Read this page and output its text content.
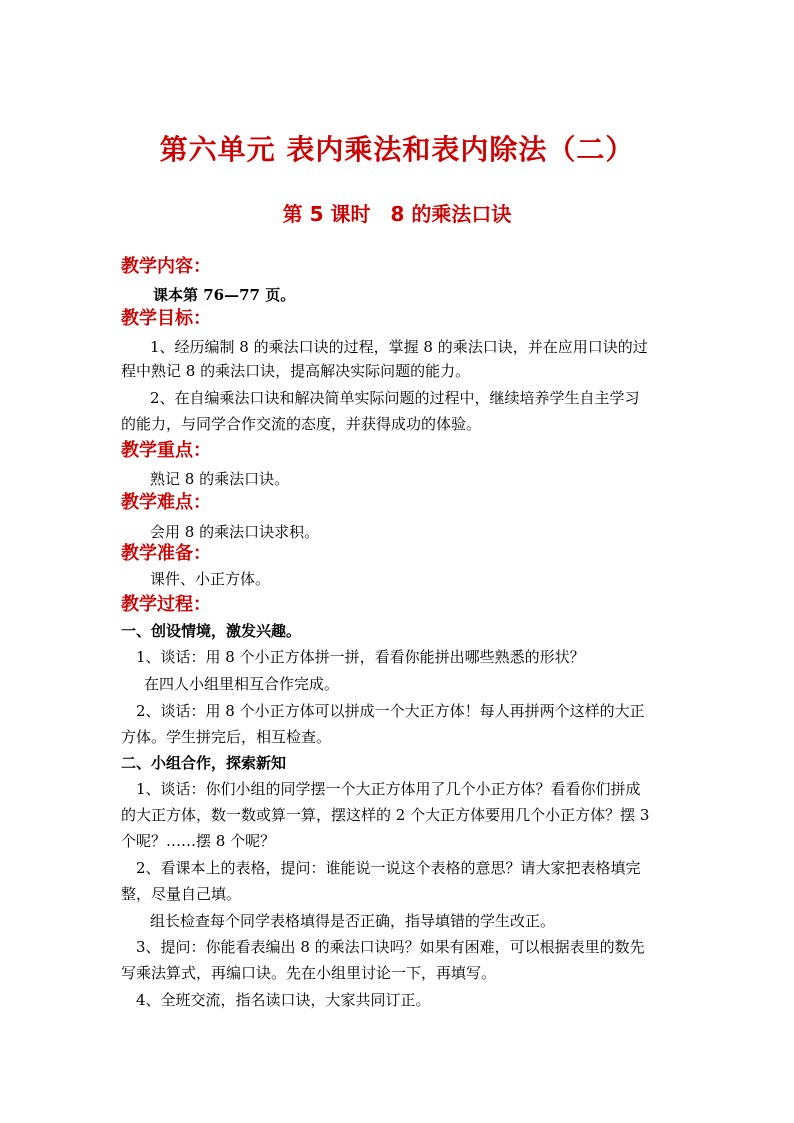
第六单元 表内乘法和表内除法（二）
第 5 课时　8 的乘法口诀
教学内容：
课本第 76—77 页。
教学目标：
1、经历编制 8 的乘法口诀的过程，掌握 8 的乘法口诀，并在应用口诀的过
程中熟记 8 的乘法口诀，提高解决实际问题的能力。
2、在自编乘法口诀和解决简单实际问题的过程中，继续培养学生自主学习
的能力，与同学合作交流的态度，并获得成功的体验。
教学重点：
熟记 8 的乘法口诀。
教学难点：
会用 8 的乘法口诀求积。
教学准备：
课件、小正方体。
教学过程：
一、创设情境，激发兴趣。
1、谈话：用 8 个小正方体拼一拼，看看你能拼出哪些熟悉的形状？
在四人小组里相互合作完成。
2、谈话：用 8 个小正方体可以拼成一个大正方体！每人再拼两个这样的大正
方体。学生拼完后，相互检查。
二、小组合作，探索新知
1、谈话：你们小组的同学摆一个大正方体用了几个小正方体？看看你们拼成
的大正方体，数一数或算一算，摆这样的 2 个大正方体要用几个小正方体？摆 3
个呢？……摆 8 个呢？
2、看课本上的表格，提问：谁能说一说这个表格的意思？请大家把表格填完
整，尽量自己填。
组长检查每个同学表格填得是否正确，指导填错的学生改正。
3、提问：你能看表编出 8 的乘法口诀吗？如果有困难，可以根据表里的数先
写乘法算式，再编口诀。先在小组里讨论一下，再填写。
4、全班交流，指名读口诀，大家共同订正。
